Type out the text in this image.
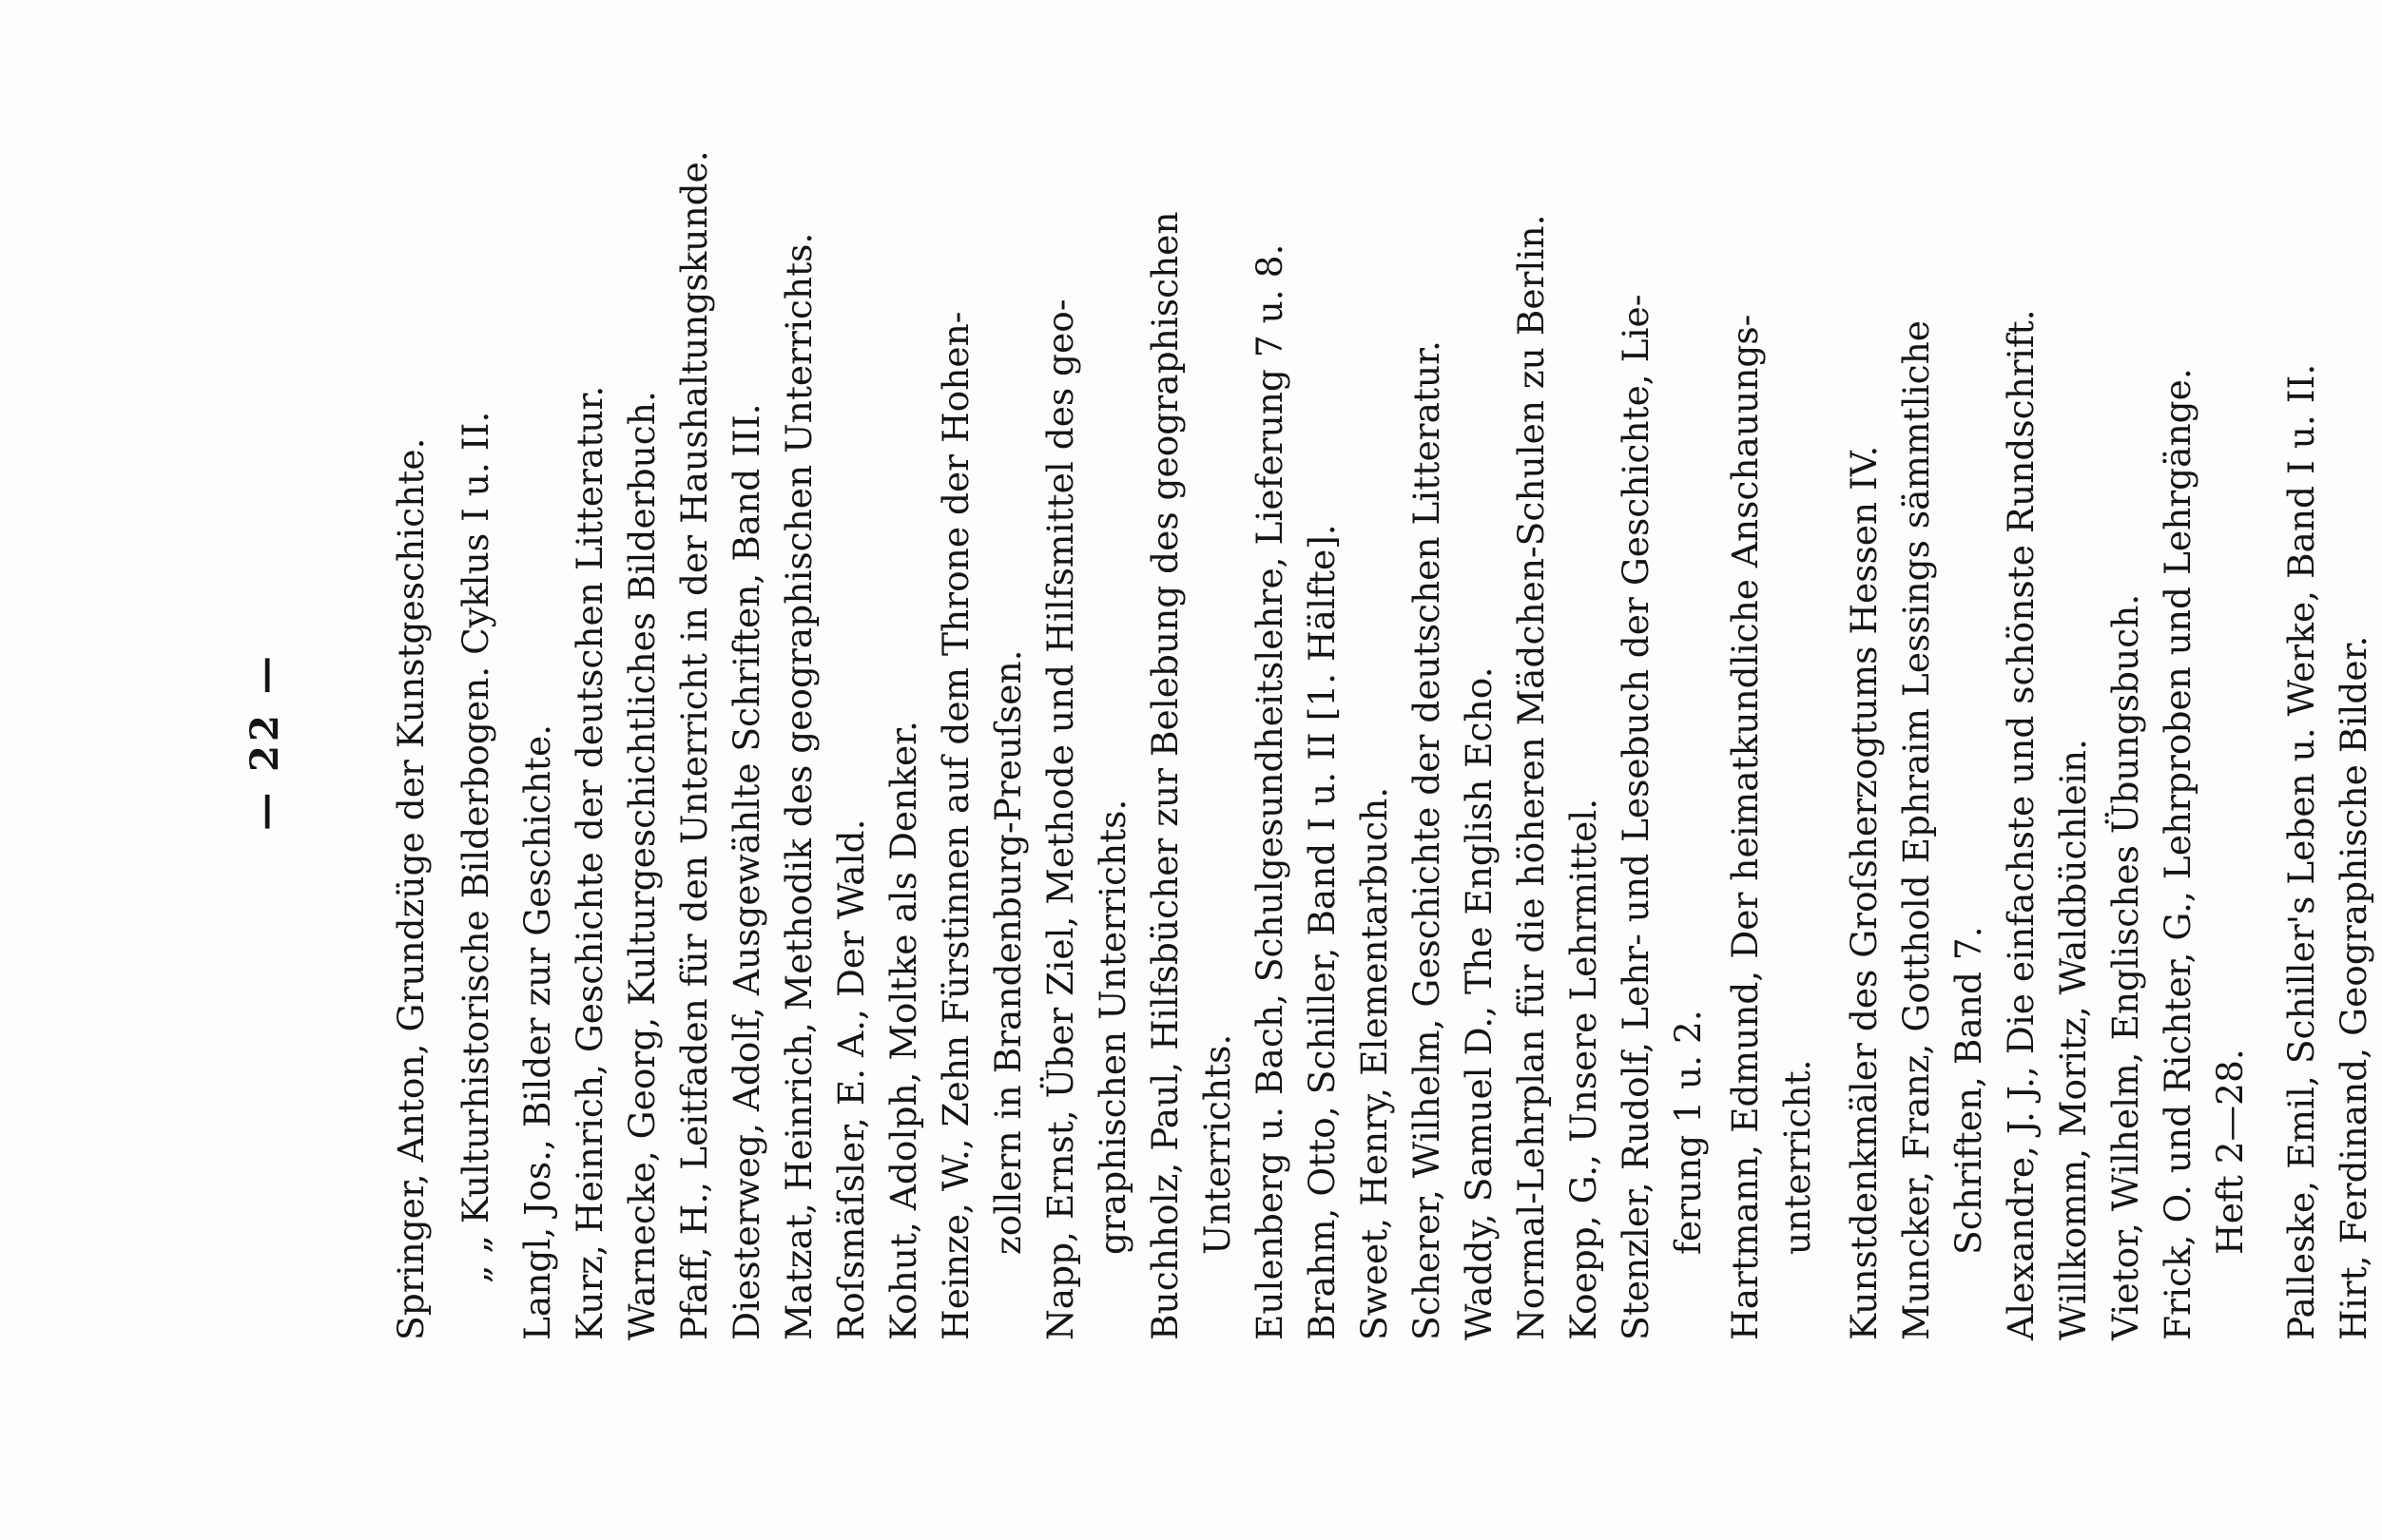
— 22 —	Springer, Anton, Grundzüge der Kunstgeschichte. „ „ Kulturhistorische Bilderbogen. Cyklus I u. II. Langl, Jos., Bilder zur Geschichte. Kurz, Heinrich, Geschichte der deutschen Litteratur. Warnecke, Georg, Kulturgeschichtliches Bilderbuch. Pfaff, H., Leitfaden für den Unterricht in der Haushaltungskunde. Diesterweg, Adolf, Ausgewählte Schriften, Band III. Matzat, Heinrich, Methodik des geographischen Unterrichts. Roſsmäſsler, E. A., Der Wald. Kohut, Adolph, Moltke als Denker. Heinze, W., Zehn Fürstinnen auf dem Throne der Hohen- zollern in Brandenburg-Preuſsen. Napp, Ernst, Über Ziel, Methode und Hilfsmittel des geo- graphischen Unterrichts. Buchholz, Paul, Hilfsbücher zur Belebung des geographischen Unterrichts. Eulenberg u. Bach, Schulgesundheitslehre, Lieferung 7 u. 8. Brahm, Otto, Schiller, Band I u. II [1. Hälfte]. Sweet, Henry, Elementarbuch. Scherer, Wilhelm, Geschichte der deutschen Litteratur. Waddy, Samuel D., The English Echo. Normal-Lehrplan für die höheren Mädchen-Schulen zu Berlin. Koepp, G., Unsere Lehrmittel. Stenzler, Rudolf, Lehr- und Lesebuch der Geschichte, Lie- ferung 1 u. 2. Hartmann, Edmund, Der heimatkundliche Anschauungs- unterricht. Kunstdenkmäler des Groſsherzogtums Hessen IV. Muncker, Franz, Gotthold Ephraim Lessings sämmtliche Schriften, Band 7. Alexandre, J. J., Die einfachste und schönste Rundschrift. Willkomm, Moritz, Waldbüchlein. Vietor, Wilhelm, Englisches Übungsbuch. Frick, O. und Richter, G., Lehrproben und Lehrgänge. Heft 2—28. Palleske, Emil, Schiller's Leben u. Werke, Band I u. II. Hirt, Ferdinand, Geographische Bilder.
